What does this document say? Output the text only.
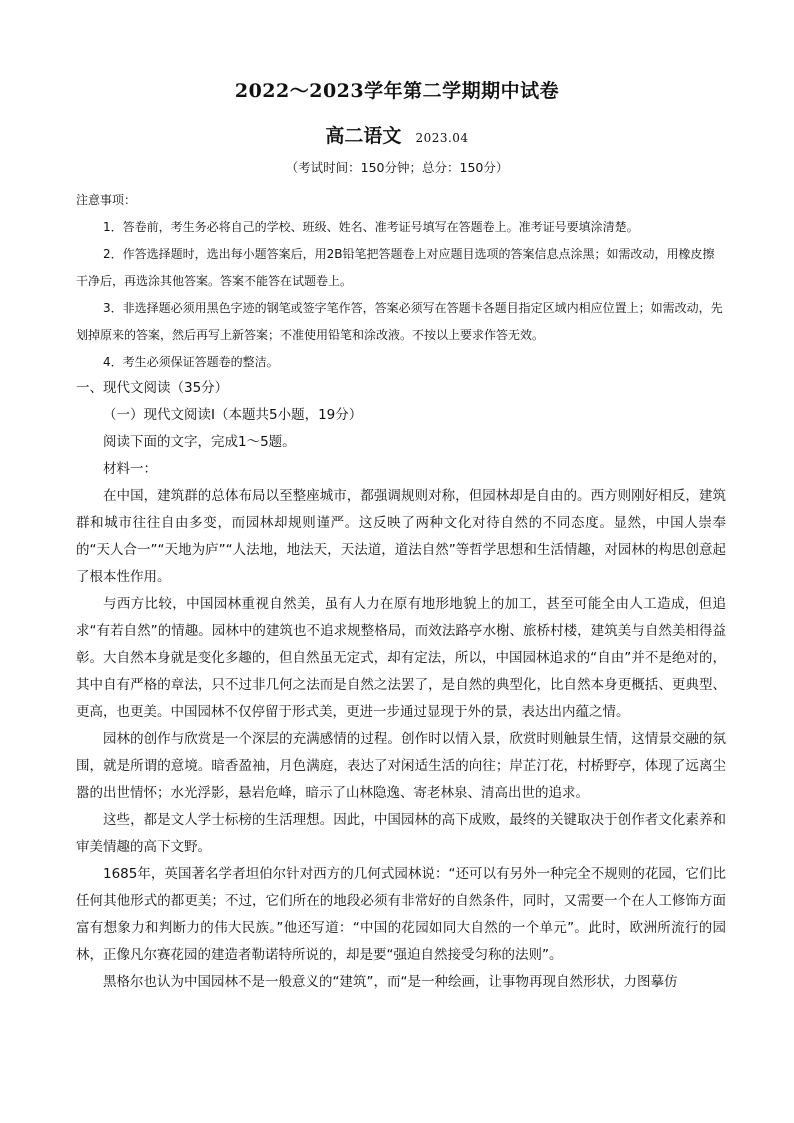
2022～2023学年第二学期期中试卷
高二语文 2023.04
（考试时间：150分钟；总分：150分）

注意事项：

1．答卷前，考生务必将自己的学校、班级、姓名、准考证号填写在答题卷上。准考证号要填涂清楚。

2．作答选择题时，选出每小题答案后，用2B铅笔把答题卷上对应题目选项的答案信息点涂黑；如需改动，用橡皮擦干净后，再选涂其他答案。答案不能答在试题卷上。

3．非选择题必须用黑色字迹的钢笔或签字笔作答，答案必须写在答题卡各题目指定区域内相应位置上；如需改动，先划掉原来的答案，然后再写上新答案；不准使用铅笔和涂改液。不按以上要求作答无效。

4．考生必须保证答题卷的整洁。

一、现代文阅读（35分）

（一）现代文阅读Ⅰ（本题共5小题，19分）

阅读下面的文字，完成1～5题。

材料一：

在中国，建筑群的总体布局以至整座城市，都强调规则对称，但园林却是自由的。西方则刚好相反，建筑群和城市往往自由多变，而园林却规则谨严。这反映了两种文化对待自然的不同态度。显然，中国人崇奉的“天人合一”“天地为庐”“人法地，地法天，天法道，道法自然”等哲学思想和生活情趣，对园林的构思创意起了根本性作用。

与西方比较，中国园林重视自然美，虽有人力在原有地形地貌上的加工，甚至可能全由人工造成，但追求“有若自然”的情趣。园林中的建筑也不追求规整格局，而效法路亭水榭、旅桥村楼，建筑美与自然美相得益彰。大自然本身就是变化多趣的，但自然虽无定式，却有定法，所以，中国园林追求的“自由”并不是绝对的，其中自有严格的章法，只不过非几何之法而是自然之法罢了，是自然的典型化，比自然本身更概括、更典型、更高，也更美。中国园林不仅停留于形式美，更进一步通过显现于外的景，表达出内蕴之情。

园林的创作与欣赏是一个深层的充满感情的过程。创作时以情入景，欣赏时则触景生情，这情景交融的氛围，就是所谓的意境。暗香盈袖，月色满庭，表达了对闲适生活的向往；岸芷汀花，村桥野亭，体现了远离尘嚣的出世情怀；水光浮影，悬岩危峰，暗示了山林隐逸、寄老林泉、清高出世的追求。

这些，都是文人学士标榜的生活理想。因此，中国园林的高下成败，最终的关键取决于创作者文化素养和审美情趣的高下文野。

1685年，英国著名学者坦伯尔针对西方的几何式园林说：“还可以有另外一种完全不规则的花园，它们比任何其他形式的都更美；不过，它们所在的地段必须有非常好的自然条件，同时，又需要一个在人工修饰方面富有想象力和判断力的伟大民族。”他还写道：“中国的花园如同大自然的一个单元”。此时，欧洲所流行的园林，正像凡尔赛花园的建造者勒诺特所说的，却是要“强迫自然接受匀称的法则”。

黑格尔也认为中国园林不是一般意义的“建筑”，而“是一种绘画，让事物再现自然形状，力图摹仿
